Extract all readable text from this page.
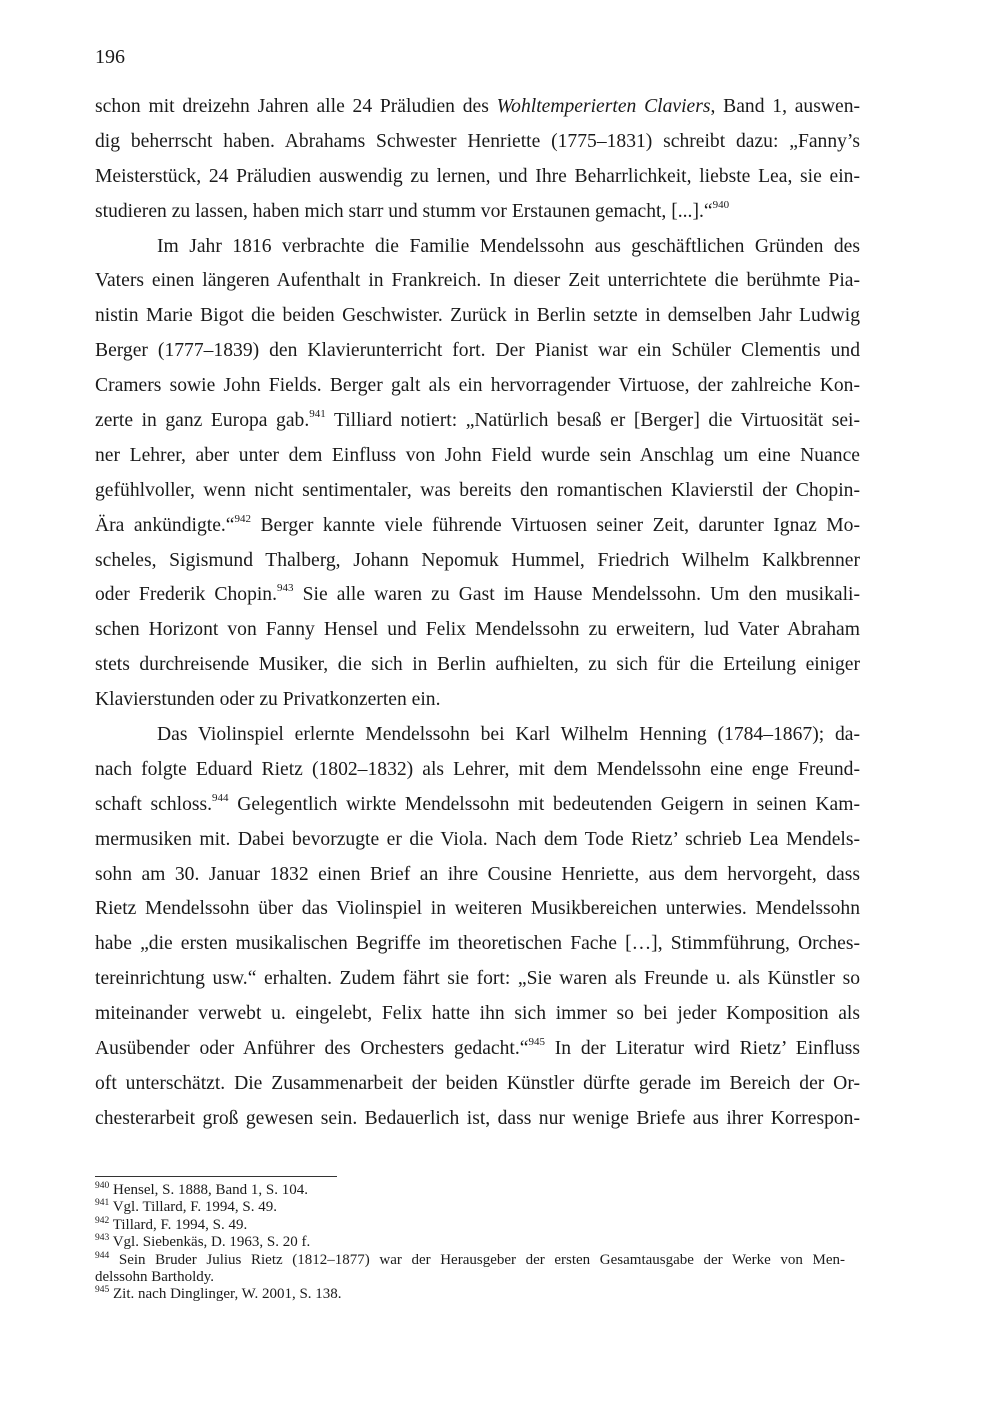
196
schon mit dreizehn Jahren alle 24 Präludien des Wohltemperierten Claviers, Band 1, auswen-
dig beherrscht haben. Abrahams Schwester Henriette (1775–1831) schreibt dazu: „Fanny’s
Meisterstück, 24 Präludien auswendig zu lernen, und Ihre Beharrlichkeit, liebste Lea, sie ein-
studieren zu lassen, haben mich starr und stumm vor Erstaunen gemacht, [...].“$^{940}$
Im Jahr 1816 verbrachte die Familie Mendelssohn aus geschäftlichen Gründen des
Vaters einen längeren Aufenthalt in Frankreich. In dieser Zeit unterrichtete die berühmte Pia-
nistin Marie Bigot die beiden Geschwister. Zurück in Berlin setzte in demselben Jahr Ludwig
Berger (1777–1839) den Klavierunterricht fort. Der Pianist war ein Schüler Clementis und
Cramers sowie John Fields. Berger galt als ein hervorragender Virtuose, der zahlreiche Kon-
zerte in ganz Europa gab.$^{941}$ Tilliard notiert: „Natürlich besaß er [Berger] die Virtuosität sei-
ner Lehrer, aber unter dem Einfluss von John Field wurde sein Anschlag um eine Nuance
gefühlvoller, wenn nicht sentimentaler, was bereits den romantischen Klavierstil der Chopin-
Ära ankündigte.“$^{942}$ Berger kannte viele führende Virtuosen seiner Zeit, darunter Ignaz Mo-
scheles, Sigismund Thalberg, Johann Nepomuk Hummel, Friedrich Wilhelm Kalkbrenner
oder Frederik Chopin.$^{943}$ Sie alle waren zu Gast im Hause Mendelssohn. Um den musikali-
schen Horizont von Fanny Hensel und Felix Mendelssohn zu erweitern, lud Vater Abraham
stets durchreisende Musiker, die sich in Berlin aufhielten, zu sich für die Erteilung einiger
Klavierstunden oder zu Privatkonzerten ein.
Das Violinspiel erlernte Mendelssohn bei Karl Wilhelm Henning (1784–1867); da-
nach folgte Eduard Rietz (1802–1832) als Lehrer, mit dem Mendelssohn eine enge Freund-
schaft schloss.$^{944}$ Gelegentlich wirkte Mendelssohn mit bedeutenden Geigern in seinen Kam-
mermusiken mit. Dabei bevorzugte er die Viola. Nach dem Tode Rietz’ schrieb Lea Mendels-
sohn am 30. Januar 1832 einen Brief an ihre Cousine Henriette, aus dem hervorgeht, dass
Rietz Mendelssohn über das Violinspiel in weiteren Musikbereichen unterwies. Mendelssohn
habe „die ersten musikalischen Begriffe im theoretischen Fache […], Stimmführung, Orches-
tereinrichtung usw.“ erhalten. Zudem fährt sie fort: „Sie waren als Freunde u. als Künstler so
miteinander verwebt u. eingelebt, Felix hatte ihn sich immer so bei jeder Komposition als
Ausübender oder Anführer des Orchesters gedacht.“$^{945}$ In der Literatur wird Rietz’ Einfluss
oft unterschätzt. Die Zusammenarbeit der beiden Künstler dürfte gerade im Bereich der Or-
chesterarbeit groß gewesen sein. Bedauerlich ist, dass nur wenige Briefe aus ihrer Korrespon-
$^{940}$ Hensel, S. 1888, Band 1, S. 104.
$^{941}$ Vgl. Tillard, F. 1994, S. 49.
$^{942}$ Tillard, F. 1994, S. 49.
$^{943}$ Vgl. Siebenkäs, D. 1963, S. 20 f.
$^{944}$ Sein Bruder Julius Rietz (1812–1877) war der Herausgeber der ersten Gesamtausgabe der Werke von Men-
delssohn Bartholdy.
$^{945}$ Zit. nach Dinglinger, W. 2001, S. 138.
